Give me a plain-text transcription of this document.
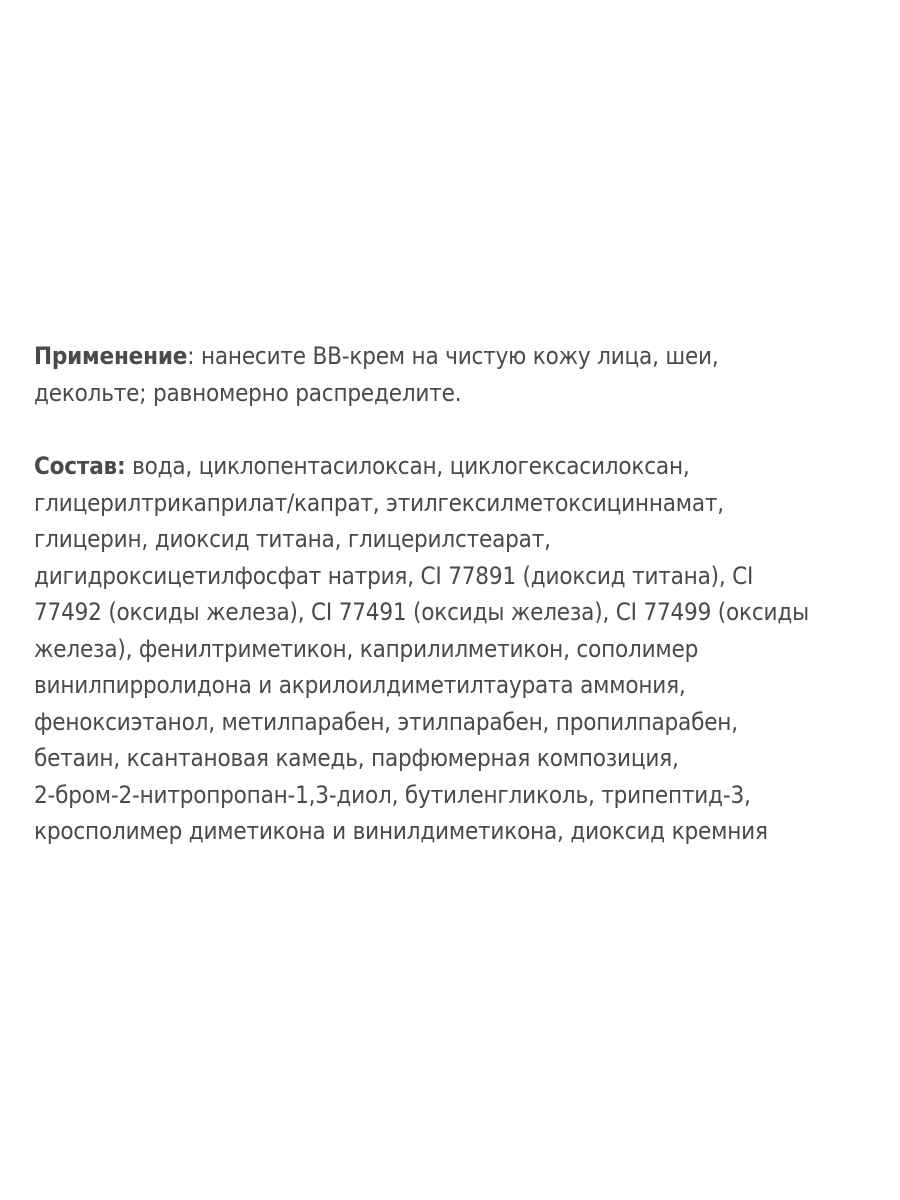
Применение: нанесите ВВ-крем на чистую кожу лица, шеи,
декольте; равномерно распределите.
Состав: вода, циклопентасилоксан, циклогексасилоксан,
глицерилтрикаприлат/капрат, этилгексилметоксициннамат,
глицерин, диоксид титана, глицерилстеарат,
дигидроксицетилфосфат натрия, CI 77891 (диоксид титана), CI
77492 (оксиды железа), CI 77491 (оксиды железа), CI 77499 (оксиды
железа), фенилтриметикон, каприлилметикон, сополимер
винилпирролидона и акрилоилдиметилтаурата аммония,
феноксиэтанол, метилпарабен, этилпарабен, пропилпарабен,
бетаин, ксантановая камедь, парфюмерная композиция,
2-бром-2-нитропропан-1,3-диол, бутиленгликоль, трипептид-3,
кросполимер диметикона и винилдиметикона, диоксид кремния
